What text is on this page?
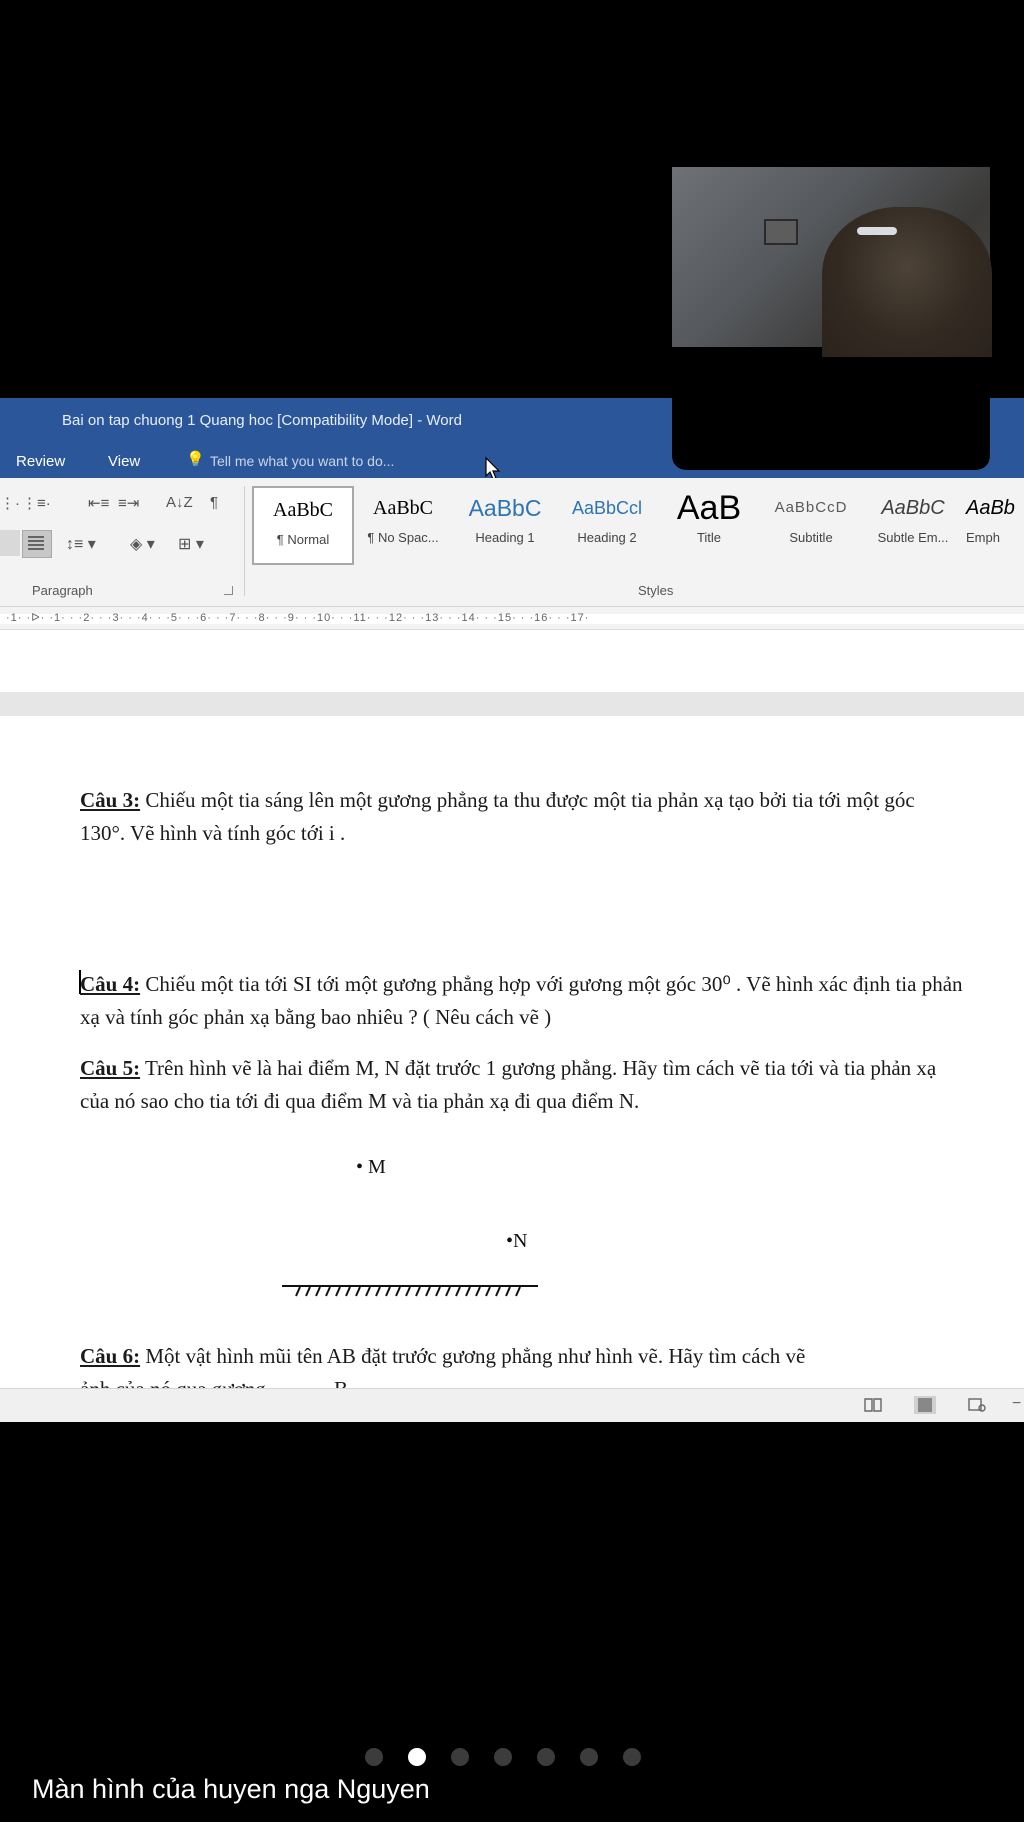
Bai on tap chuong 1 Quang hoc [Compatibility Mode] - Word
Review	View	💡 Tell me what you want to do...
⋮· ⋮≡· ⇤≡ ≡⇥ A↓Z ¶
↕≡ ▾ ◈ ▾ ⊞ ▾
Paragraph
AaBbC
¶ Normal
AaBbC
¶ No Spac...
AaBbC
Heading 1
AaBbCcl
Heading 2
AaB
Title
AaBbCcD
Subtitle
AaBbC
Subtle Em...
AaBb
Emph
Styles
·1· ·ᐅ· ·1· · ·2· · ·3· · ·4· · ·5· · ·6· · ·7· · ·8· · ·9· · ·10· · ·11· · ·12· · ·13· · ·14· · ·15· · ·16· · ·17·
Câu 3: Chiếu một tia sáng lên một gương phẳng ta thu được một tia phản xạ tạo bởi tia tới một góc 130°. Vẽ hình và tính góc tới i .
Câu 4: Chiếu một tia tới SI tới một gương phẳng hợp với gương một góc 30⁰ . Vẽ hình xác định tia phản xạ và tính góc phản xạ bằng bao nhiêu ? ( Nêu cách vẽ )
Câu 5: Trên hình vẽ là hai điểm M, N đặt trước 1 gương phẳng. Hãy tìm cách vẽ tia tới và tia phản xạ của nó sao cho tia tới đi qua điểm M và tia phản xạ đi qua điểm N.
• M
•N
Câu 6: Một vật hình mũi tên AB đặt trước gương phẳng như hình vẽ. Hãy tìm cách vẽ
−
Màn hình của huyen nga Nguyen
